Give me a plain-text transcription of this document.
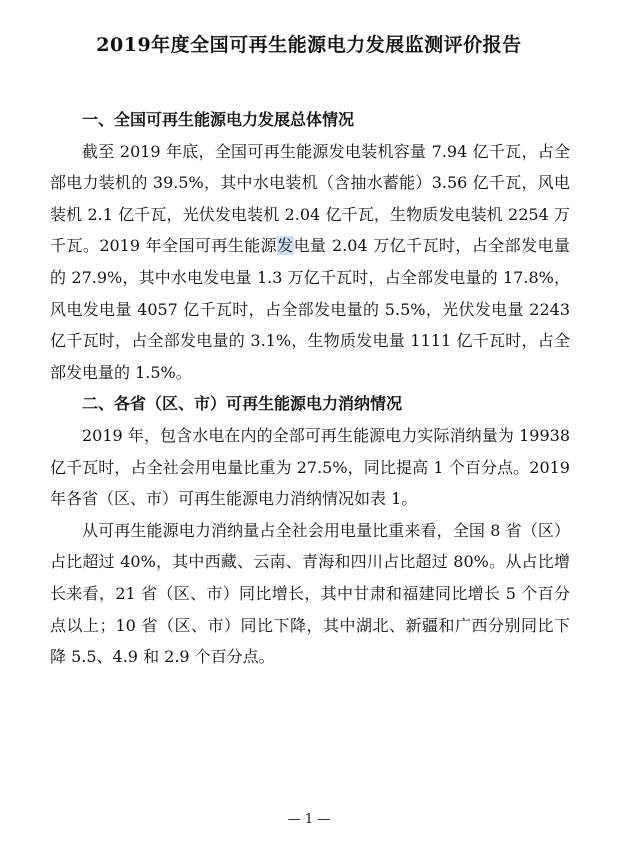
2019年度全国可再生能源电力发展监测评价报告
一、全国可再生能源电力发展总体情况
截至 2019 年底，全国可再生能源发电装机容量 7.94 亿千瓦，占全部电力装机的 39.5%，其中水电装机（含抽水蓄能）3.56 亿千瓦，风电装机 2.1 亿千瓦，光伏发电装机 2.04 亿千瓦，生物质发电装机 2254 万千瓦。2019 年全国可再生能源发电量 2.04 万亿千瓦时，占全部发电量的 27.9%，其中水电发电量 1.3 万亿千瓦时，占全部发电量的 17.8%，风电发电量 4057 亿千瓦时，占全部发电量的 5.5%，光伏发电量 2243 亿千瓦时，占全部发电量的 3.1%，生物质发电量 1111 亿千瓦时，占全部发电量的 1.5%。
二、各省（区、市）可再生能源电力消纳情况
2019 年，包含水电在内的全部可再生能源电力实际消纳量为 19938 亿千瓦时，占全社会用电量比重为 27.5%，同比提高 1 个百分点。2019 年各省（区、市）可再生能源电力消纳情况如表 1。
从可再生能源电力消纳量占全社会用电量比重来看，全国 8 省（区）占比超过 40%，其中西藏、云南、青海和四川占比超过 80%。从占比增长来看，21 省（区、市）同比增长，其中甘肃和福建同比增长 5 个百分点以上；10 省（区、市）同比下降，其中湖北、新疆和广西分别同比下降 5.5、4.9 和 2.9 个百分点。
— 1 —
